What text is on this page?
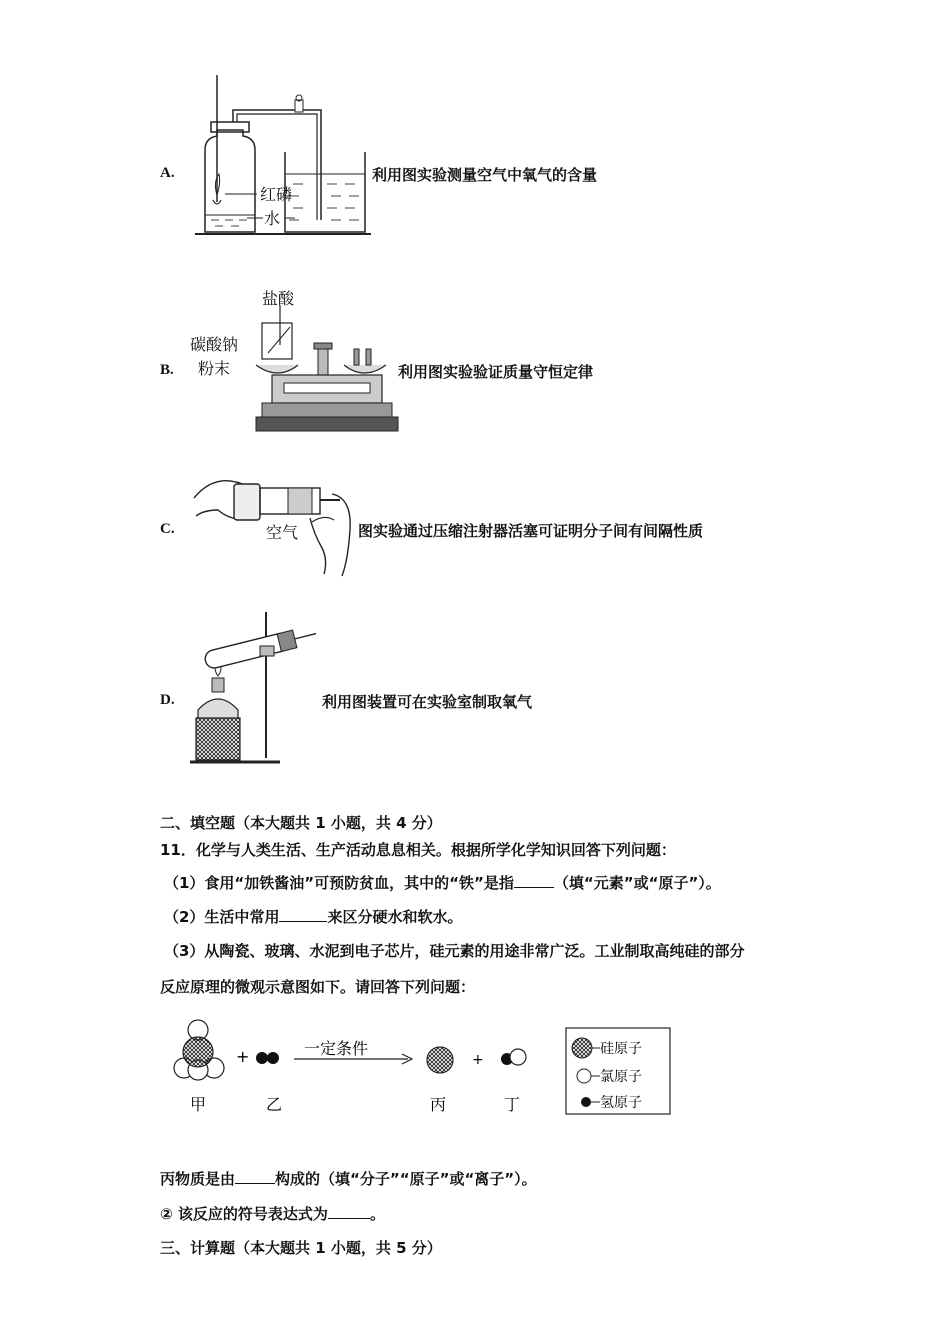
A.
红磷
水
利用图实验测量空气中氧气的含量
盐酸
碳酸钠
粉末
B.	利用图实验验证质量守恒定律
C.	空气	图实验通过压缩注射器活塞可证明分子间有间隔性质
D.	利用图装置可在实验室制取氧气
二、填空题（本大题共 1 小题，共 4 分）
11．化学与人类生活、生产活动息息相关。根据所学化学知识回答下列问题：
（1）食用“加铁酱油”可预防贫血，其中的“铁”是指	（填“元素”或“原子”）。
（2）生活中常用	来区分硬水和软水。
（3）从陶瓷、玻璃、水泥到电子芯片，硅元素的用途非常广泛。工业制取高纯硅的部分
反应原理的微观示意图如下。请回答下列问题：
+	一定条件
+
甲	乙	丙	丁
硅原子
氯原子
氢原子
丙物质是由	构成的（填“分子”“原子”或“离子”）。
② 该反应的符号表达式为	。
三、计算题（本大题共 1 小题，共 5 分）
